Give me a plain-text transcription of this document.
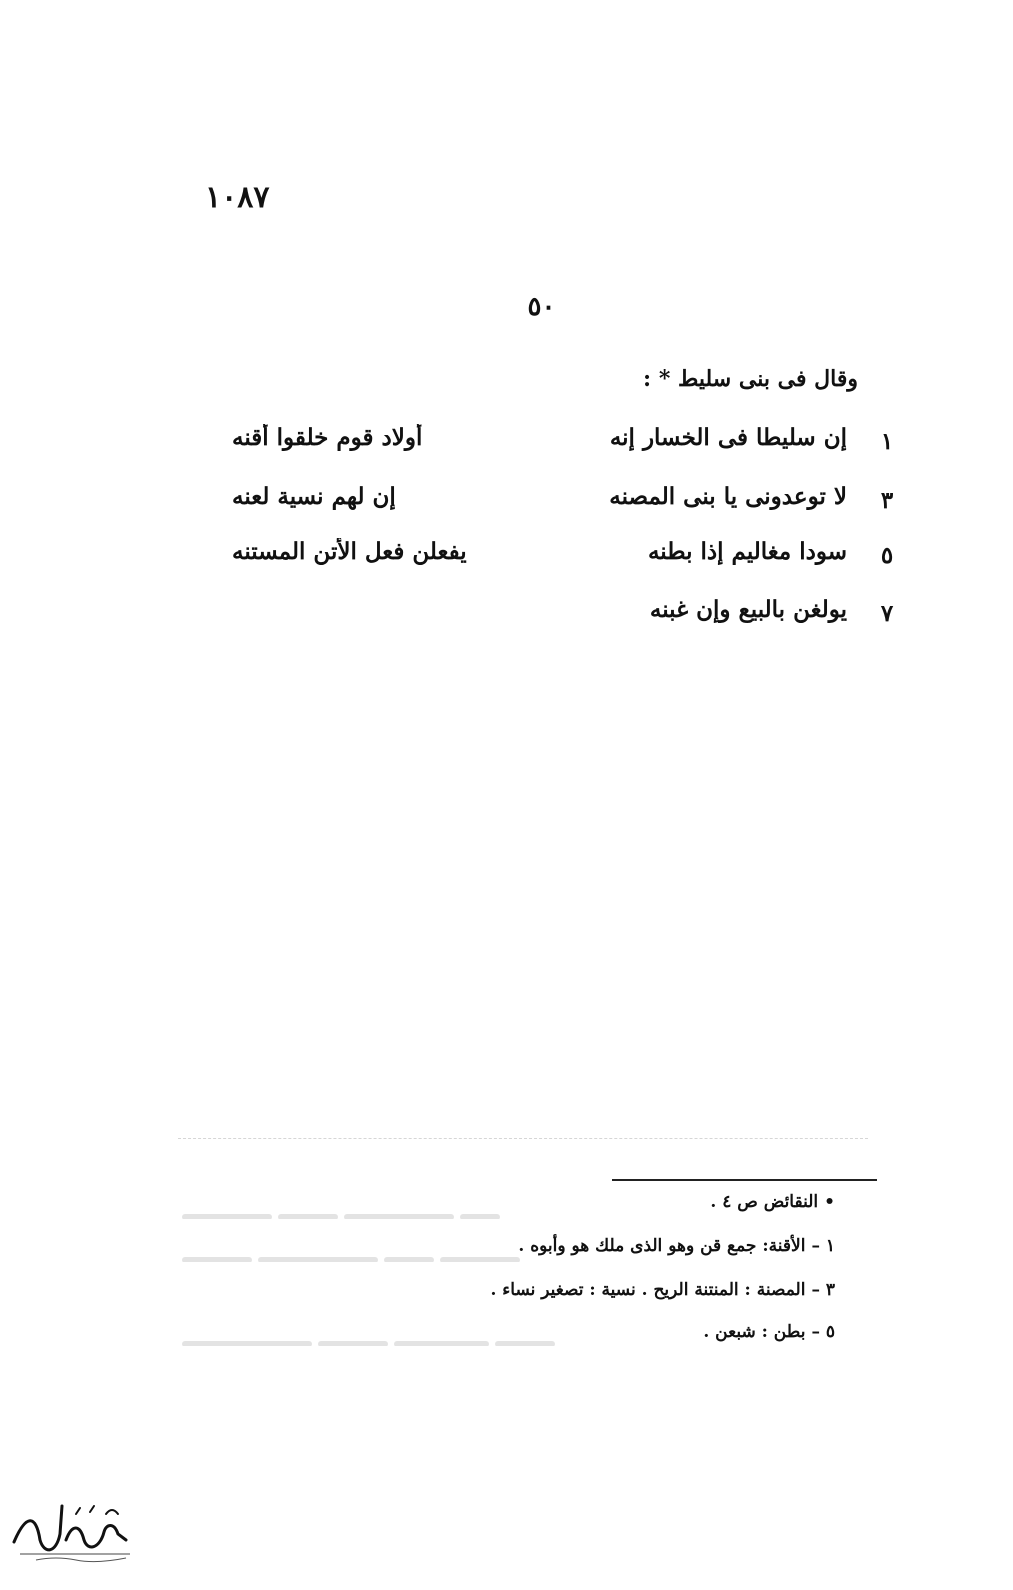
١٠٨٧
٥٠
وقال فى بنى سليط * :
١
إن سليطا فى الخسار إنه
أولاد قوم خلقوا أقنه
٣
لا توعدونى يا بنى المصنه
إن لهم نسية لعنه
٥
سودا مغاليم إذا بطنه
يفعلن فعل الأتن المستنه
٧
يولغن بالبيع وإن غبنه
•النقائض ص ٤ .
١ –الأقنة: جمع قن وهو الذى ملك هو وأبوه .
٣ –المصنة : المنتنة الريح . نسية : تصغير نساء .
٥ –بطن : شبعن .
